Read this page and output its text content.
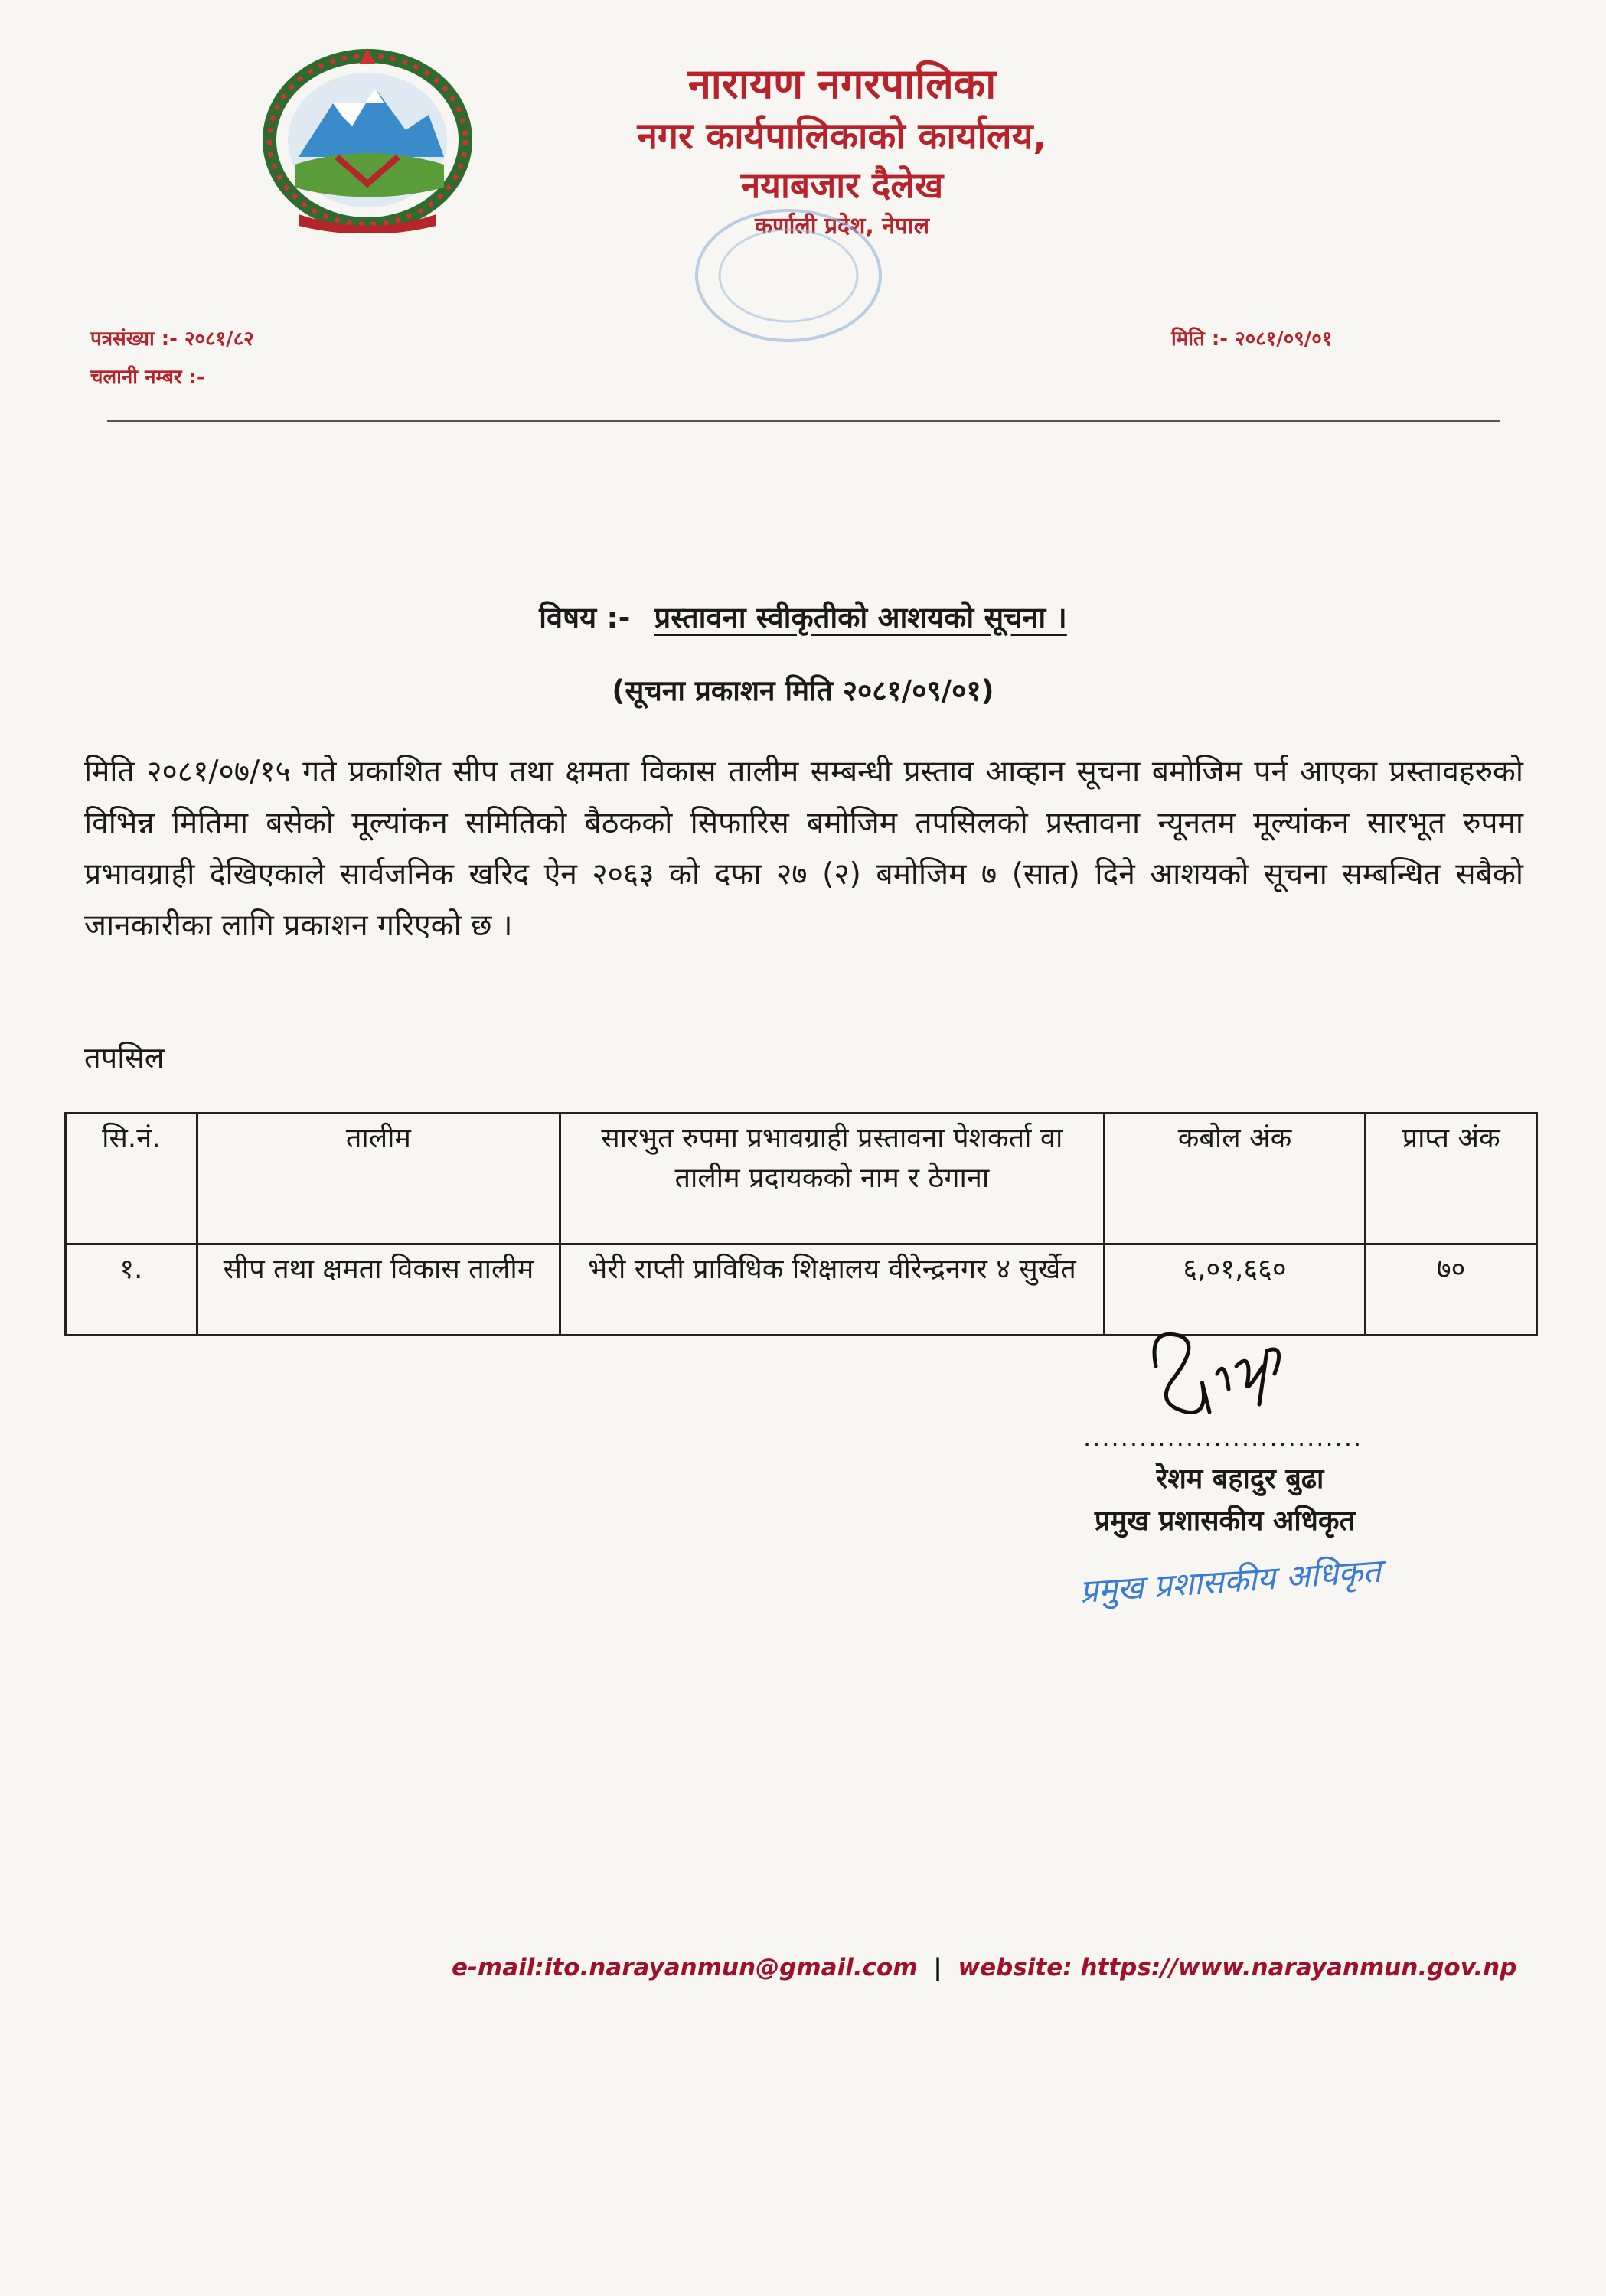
नारायण नगरपालिका
नगर कार्यपालिकाको कार्यालय,
नयाबजार दैलेख
कर्णाली प्रदेश, नेपाल
पत्रसंख्या :- २०८१/८२
चलानी नम्बर :-
मिति :- २०८१/०९/०१
विषय :- प्रस्तावना स्वीकृतीको आशयको सूचना ।
(सूचना प्रकाशन मिति २०८१/०९/०१)
मिति २०८१/०७/१५ गते प्रकाशित सीप तथा क्षमता विकास तालीम सम्बन्धी प्रस्ताव आव्हान सूचना बमोजिम पर्न आएका प्रस्तावहरुको विभिन्न मितिमा बसेको मूल्यांकन समितिको बैठकको सिफारिस बमोजिम तपसिलको प्रस्तावना न्यूनतम मूल्यांकन सारभूत रुपमा प्रभावग्राही देखिएकाले सार्वजनिक खरिद ऐन २०६३ को दफा २७ (२) बमोजिम ७ (सात) दिने आशयको सूचना सम्बन्धित सबैको जानकारीका लागि प्रकाशन गरिएको छ ।
तपसिल
सि.नं.	तालीम	सारभुत रुपमा प्रभावग्राही प्रस्तावना पेशकर्ता वा तालीम प्रदायकको नाम र ठेगाना	कबोल अंक	प्राप्त अंक
१.	सीप तथा क्षमता विकास तालीम	भेरी राप्ती प्राविधिक शिक्षालय वीरेन्द्रनगर ४ सुर्खेत	६,०१,६६०	७०
..............................
रेशम बहादुर बुढा
प्रमुख प्रशासकीय अधिकृत
प्रमुख प्रशासकीय अधिकृत
e-mail:ito.narayanmun@gmail.com | website: https://www.narayanmun.gov.np
